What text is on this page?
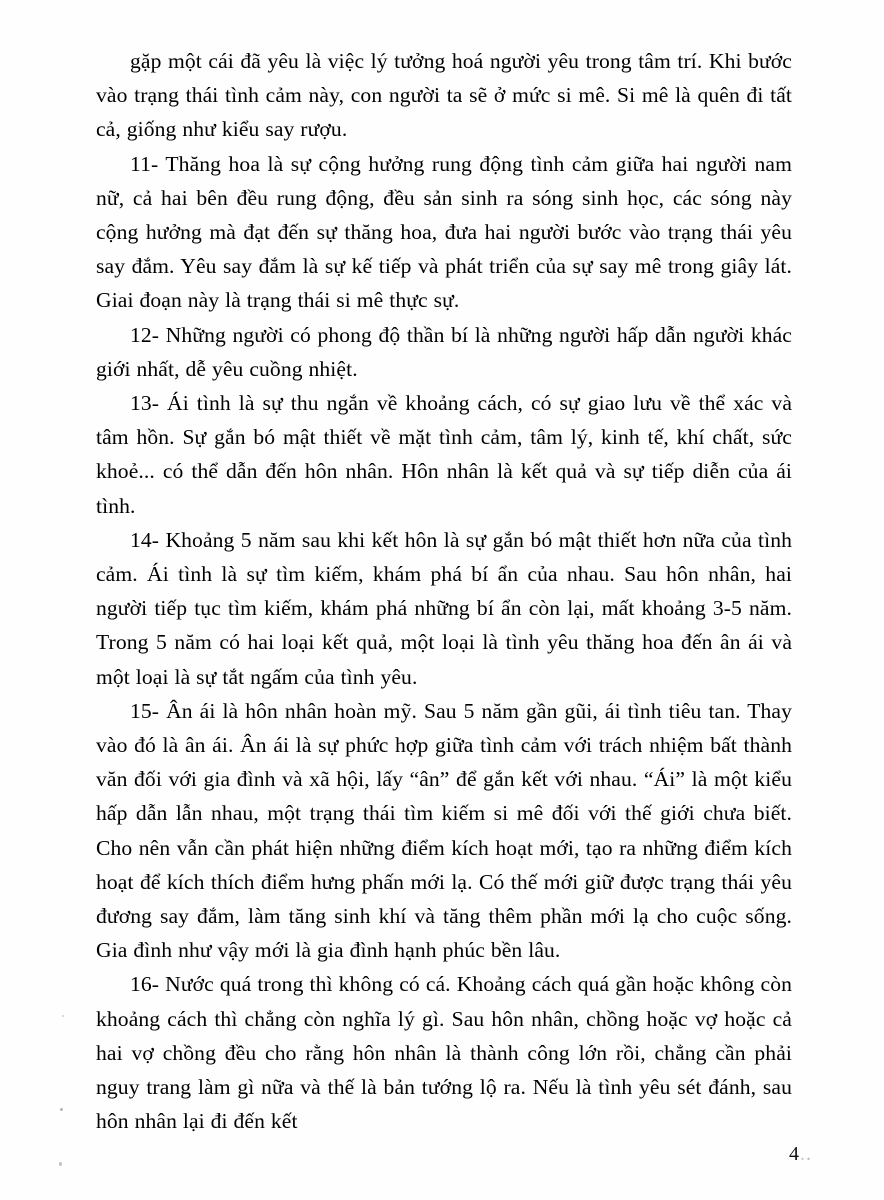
gặp một cái đã yêu là việc lý tưởng hoá người yêu trong tâm trí. Khi bước vào trạng thái tình cảm này, con người ta sẽ ở mức si mê. Si mê là quên đi tất cả, giống như kiểu say rượu.

11- Thăng hoa là sự cộng hưởng rung động tình cảm giữa hai người nam nữ, cả hai bên đều rung động, đều sản sinh ra sóng sinh học, các sóng này cộng hưởng mà đạt đến sự thăng hoa, đưa hai người bước vào trạng thái yêu say đắm. Yêu say đắm là sự kế tiếp và phát triển của sự say mê trong giây lát. Giai đoạn này là trạng thái si mê thực sự.

12- Những người có phong độ thần bí là những người hấp dẫn người khác giới nhất, dễ yêu cuồng nhiệt.

13- Ái tình là sự thu ngắn về khoảng cách, có sự giao lưu về thể xác và tâm hồn. Sự gắn bó mật thiết về mặt tình cảm, tâm lý, kinh tế, khí chất, sức khoẻ... có thể dẫn đến hôn nhân. Hôn nhân là kết quả và sự tiếp diễn của ái tình.

14- Khoảng 5 năm sau khi kết hôn là sự gắn bó mật thiết hơn nữa của tình cảm. Ái tình là sự tìm kiếm, khám phá bí ẩn của nhau. Sau hôn nhân, hai người tiếp tục tìm kiếm, khám phá những bí ẩn còn lại, mất khoảng 3-5 năm. Trong 5 năm có hai loại kết quả, một loại là tình yêu thăng hoa đến ân ái và một loại là sự tắt ngấm của tình yêu.

15- Ân ái là hôn nhân hoàn mỹ. Sau 5 năm gần gũi, ái tình tiêu tan. Thay vào đó là ân ái. Ân ái là sự phức hợp giữa tình cảm với trách nhiệm bất thành văn đối với gia đình và xã hội, lấy “ân” để gắn kết với nhau. “Ái” là một kiểu hấp dẫn lẫn nhau, một trạng thái tìm kiếm si mê đối với thế giới chưa biết. Cho nên vẫn cần phát hiện những điểm kích hoạt mới, tạo ra những điểm kích hoạt để kích thích điểm hưng phấn mới lạ. Có thế mới giữ được trạng thái yêu đương say đắm, làm tăng sinh khí và tăng thêm phần mới lạ cho cuộc sống. Gia đình như vậy mới là gia đình hạnh phúc bền lâu.

16- Nước quá trong thì không có cá. Khoảng cách quá gần hoặc không còn khoảng cách thì chẳng còn nghĩa lý gì. Sau hôn nhân, chồng hoặc vợ hoặc cả hai vợ chồng đều cho rằng hôn nhân là thành công lớn rồi, chẳng cần phải nguy trang làm gì nữa và thế là bản tướng lộ ra. Nếu là tình yêu sét đánh, sau hôn nhân lại đi đến kết

4..
